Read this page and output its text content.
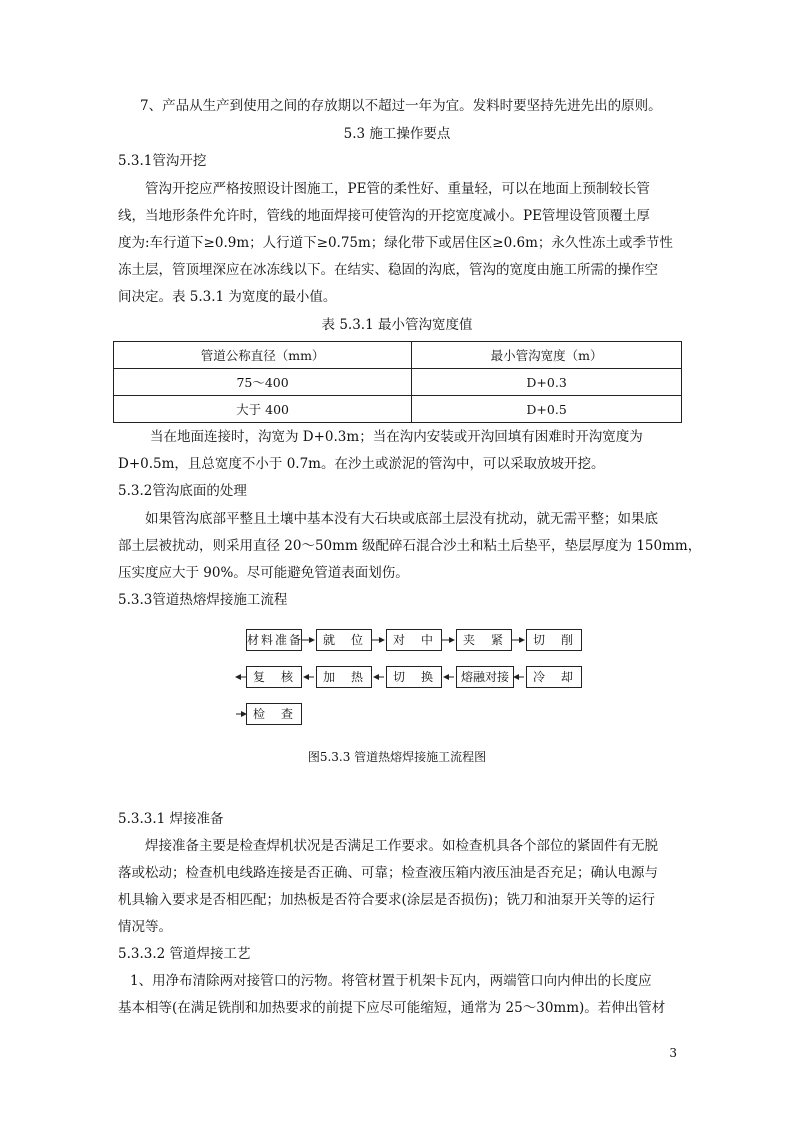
7、产品从生产到使用之间的存放期以不超过一年为宜。发料时要坚持先进先出的原则。
5.3 施工操作要点
5.3.1管沟开挖
管沟开挖应严格按照设计图施工，PE管的柔性好、重量轻，可以在地面上预制较长管
线，当地形条件允许时，管线的地面焊接可使管沟的开挖宽度减小。PE管埋设管顶覆土厚
度为:车行道下≥0.9m；人行道下≥0.75m；绿化带下或居住区≥0.6m；永久性冻土或季节性
冻土层，管顶埋深应在冰冻线以下。在结实、稳固的沟底，管沟的宽度由施工所需的操作空
间决定。表 5.3.1 为宽度的最小值。
表 5.3.1 最小管沟宽度值
管道公称直径（mm）	最小管沟宽度（m）
75～400	D+0.3
大于 400	D+0.5
当在地面连接时，沟宽为 D+0.3m；当在沟内安装或开沟回填有困难时开沟宽度为
D+0.5m，且总宽度不小于 0.7m。在沙土或淤泥的管沟中，可以采取放坡开挖。
5.3.2管沟底面的处理
如果管沟底部平整且土壤中基本没有大石块或底部土层没有扰动，就无需平整；如果底
部土层被扰动，则采用直径 20～50mm 级配碎石混合沙土和粘土后垫平，垫层厚度为 150mm，
压实度应大于 90%。尽可能避免管道表面划伤。
5.3.3管道热熔焊接施工流程
材料准备	就　位	对　中	夹　紧	切　削
复　核	加　热	切　换	熔融对接	冷　却
检　查
图5.3.3 管道热熔焊接施工流程图
5.3.3.1 焊接准备
焊接准备主要是检查焊机状况是否满足工作要求。如检查机具各个部位的紧固件有无脱
落或松动；检查机电线路连接是否正确、可靠；检查液压箱内液压油是否充足；确认电源与
机具输入要求是否相匹配；加热板是否符合要求(涂层是否损伤)；铣刀和油泵开关等的运行
情况等。
5.3.3.2 管道焊接工艺
1、用净布清除两对接管口的污物。将管材置于机架卡瓦内，两端管口向内伸出的长度应
基本相等(在满足铣削和加热要求的前提下应尽可能缩短，通常为 25～30mm)。若伸出管材
3
